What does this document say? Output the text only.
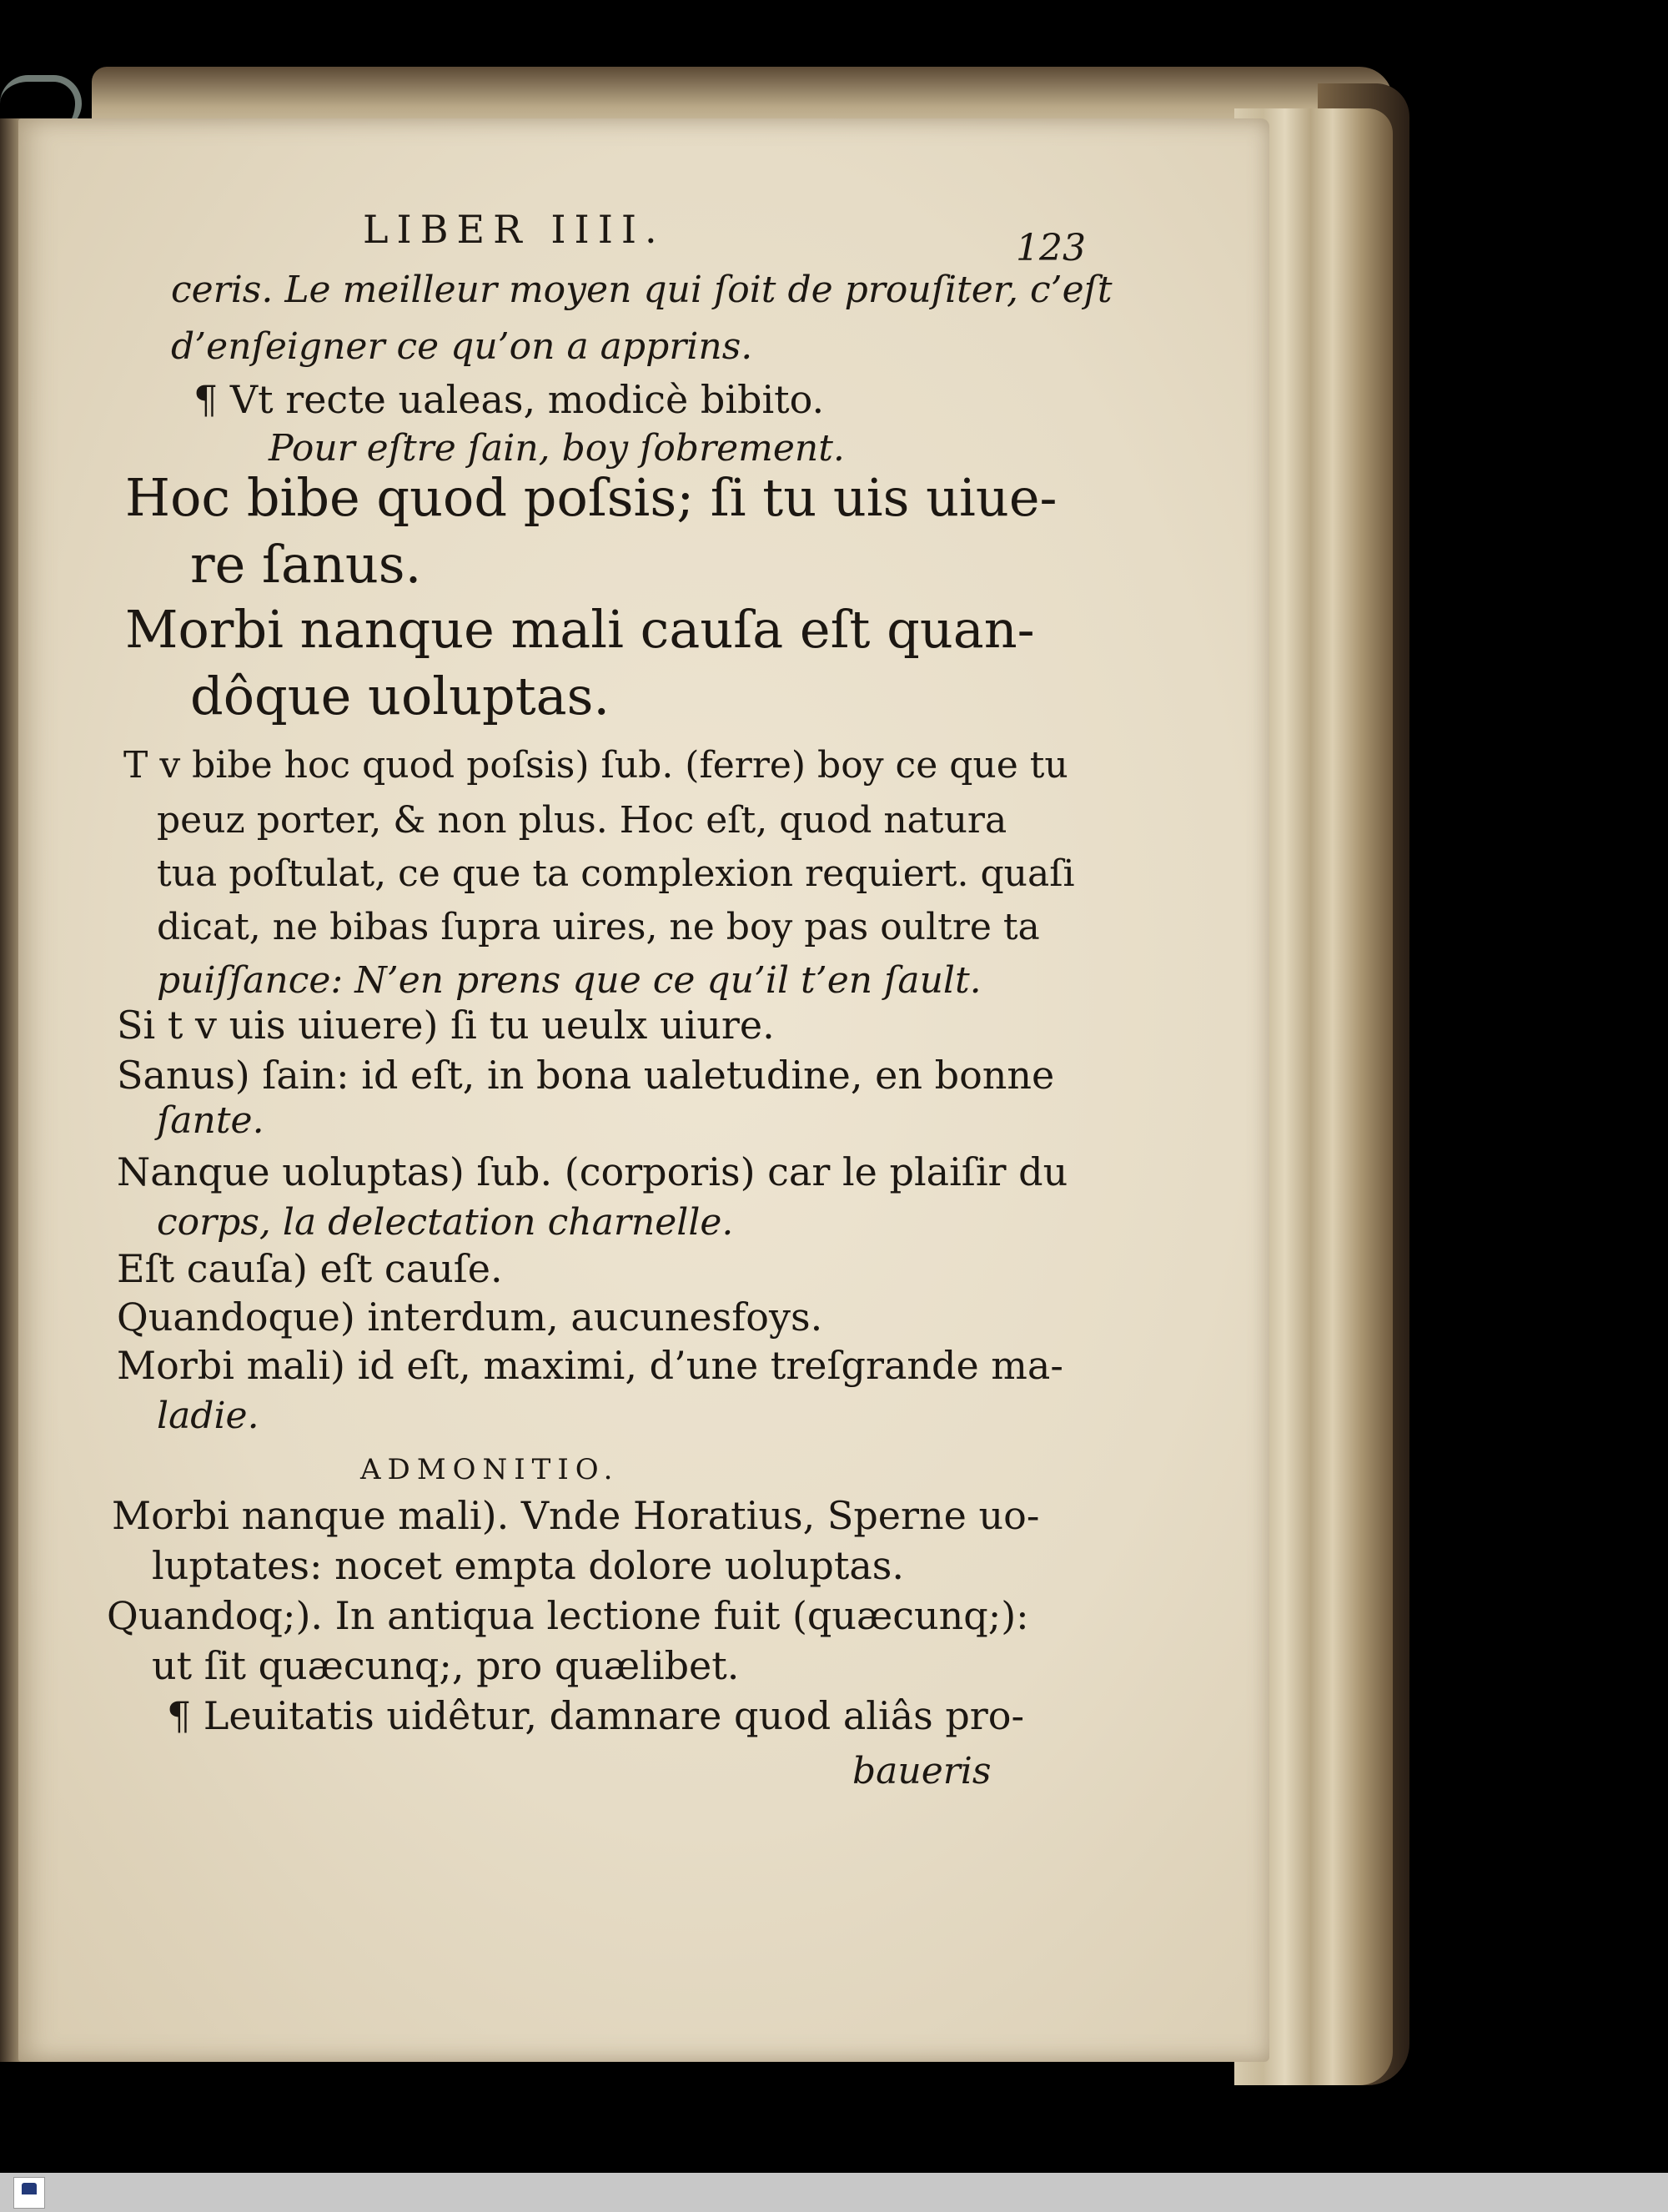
LIBER IIII.	123
ceris. Le meilleur moyen qui ſoit de prouſiter, c’eſt
d’enſeigner ce qu’on a apprins.
¶ Vt recte ualeas, modicè bibito.
Pour eſtre ſain, boy ſobrement.
Hoc bibe quod poſsis; ſi tu uis uiue-
re ſanus.
Morbi nanque mali cauſa eſt quan-
dôque uoluptas.
T v bibe hoc quod poſsis) ſub. (ferre) boy ce que tu
peuz porter, & non plus. Hoc eſt, quod natura
tua poſtulat, ce que ta complexion requiert. quaſi
dicat, ne bibas ſupra uires, ne boy pas oultre ta
puiſſance: N’en prens que ce qu’il t’en ſault.
Si t v uis uiuere) ſi tu ueulx uiure.
Sanus) ſain: id eſt, in bona ualetudine, en bonne
ſante.
Nanque uoluptas) ſub. (corporis) car le plaiſir du
corps, la delectation charnelle.
Eſt cauſa) eſt cauſe.
Quandoque) interdum, aucunesfoys.
Morbi mali) id eſt, maximi, d’une treſgrande ma-
ladie.
ADMONITIO.
Morbi nanque mali). Vnde Horatius, Sperne uo-
luptates: nocet empta dolore uoluptas.
Quandoq;). In antiqua lectione fuit (quæcunq;):
ut ſit quæcunq;, pro quælibet.
¶ Leuitatis uidêtur, damnare quod aliâs pro-
baueris
